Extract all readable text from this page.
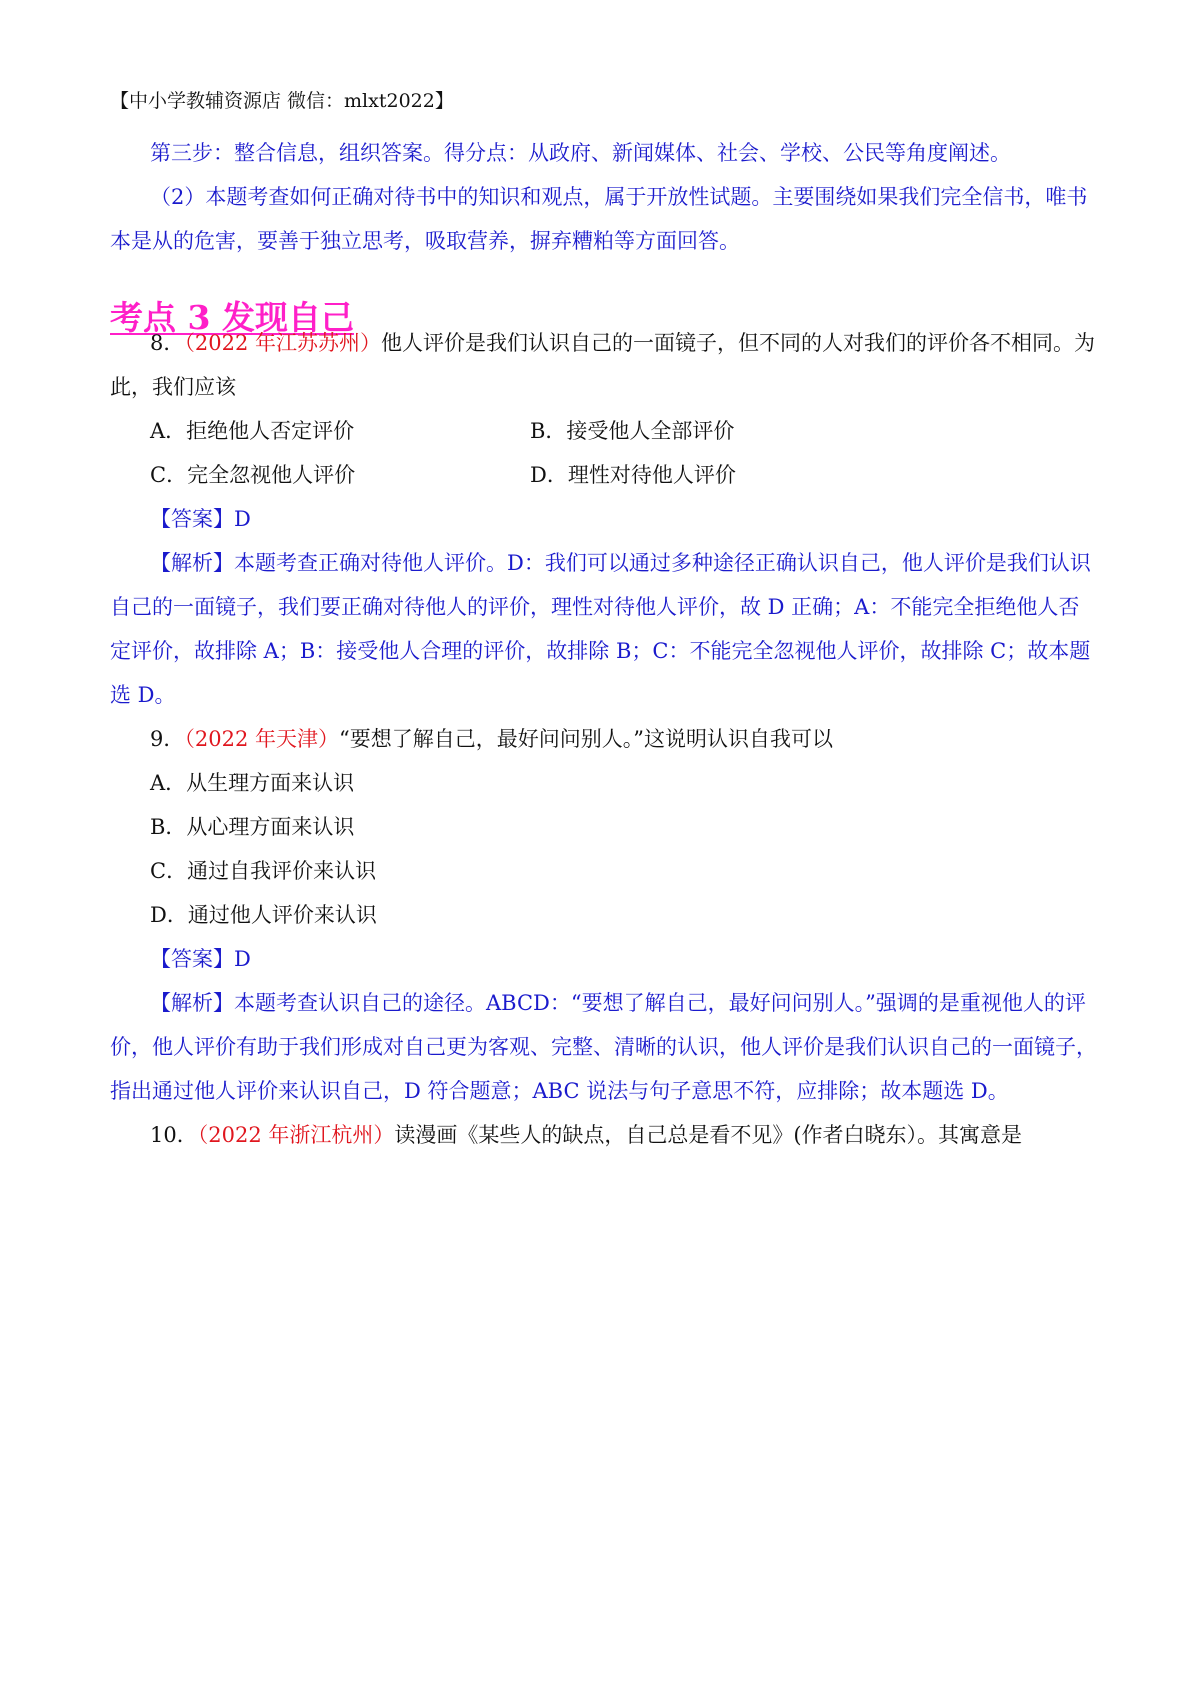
【中小学教辅资源店 微信：mlxt2022】
第三步：整合信息，组织答案。得分点：从政府、新闻媒体、社会、学校、公民等角度阐述。
（2）本题考查如何正确对待书中的知识和观点，属于开放性试题。主要围绕如果我们完全信书，唯书
本是从的危害，要善于独立思考，吸取营养，摒弃糟粕等方面回答。
考点 3 发现自己
8．（2022 年江苏苏州）他人评价是我们认识自己的一面镜子，但不同的人对我们的评价各不相同。为
此，我们应该
A．拒绝他人否定评价	B．接受他人全部评价
C．完全忽视他人评价	D．理性对待他人评价
【答案】D
【解析】本题考查正确对待他人评价。D：我们可以通过多种途径正确认识自己，他人评价是我们认识
自己的一面镜子，我们要正确对待他人的评价，理性对待他人评价，故 D 正确；A：不能完全拒绝他人否
定评价，故排除 A；B：接受他人合理的评价，故排除 B；C：不能完全忽视他人评价，故排除 C；故本题
选 D。
9．（2022 年天津）“要想了解自己，最好问问别人。”这说明认识自我可以
A．从生理方面来认识
B．从心理方面来认识
C．通过自我评价来认识
D．通过他人评价来认识
【答案】D
【解析】本题考查认识自己的途径。ABCD：“要想了解自己，最好问问别人。”强调的是重视他人的评
价，他人评价有助于我们形成对自己更为客观、完整、清晰的认识，他人评价是我们认识自己的一面镜子，
指出通过他人评价来认识自己，D 符合题意；ABC 说法与句子意思不符，应排除；故本题选 D。
10．（2022 年浙江杭州）读漫画《某些人的缺点，自己总是看不见》(作者白晓东）。其寓意是
